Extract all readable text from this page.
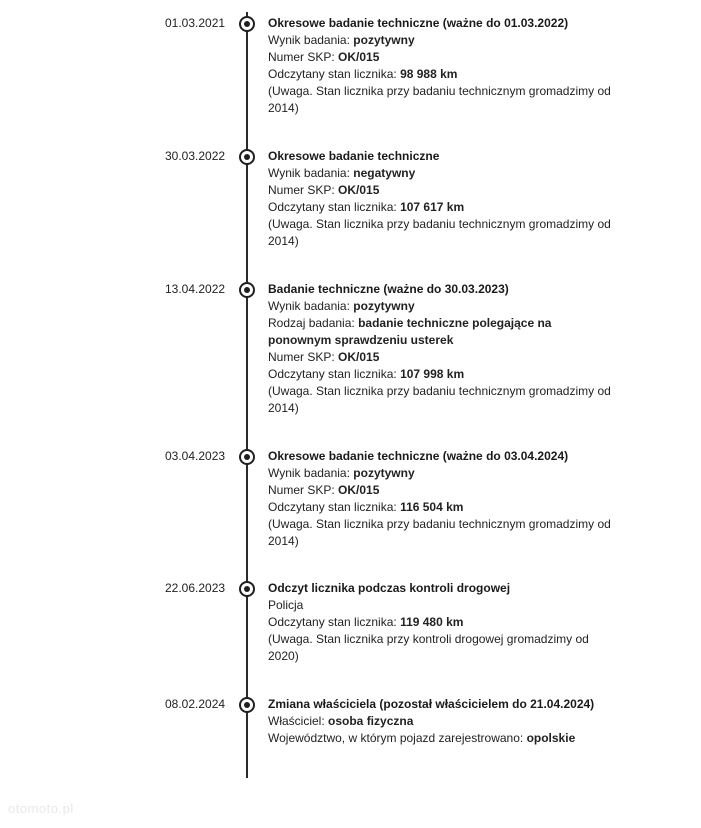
01.03.2021	Okresowe badanie techniczne (ważne do 01.03.2022)
Wynik badania: pozytywny
Numer SKP: OK/015
Odczytany stan licznika: 98 988 km
(Uwaga. Stan licznika przy badaniu technicznym gromadzimy od 2014)
30.03.2022	Okresowe badanie techniczne
Wynik badania: negatywny
Numer SKP: OK/015
Odczytany stan licznika: 107 617 km
(Uwaga. Stan licznika przy badaniu technicznym gromadzimy od 2014)
13.04.2022	Badanie techniczne (ważne do 30.03.2023)
Wynik badania: pozytywny
Rodzaj badania: badanie techniczne polegające na ponownym sprawdzeniu usterek
Numer SKP: OK/015
Odczytany stan licznika: 107 998 km
(Uwaga. Stan licznika przy badaniu technicznym gromadzimy od 2014)
03.04.2023	Okresowe badanie techniczne (ważne do 03.04.2024)
Wynik badania: pozytywny
Numer SKP: OK/015
Odczytany stan licznika: 116 504 km
(Uwaga. Stan licznika przy badaniu technicznym gromadzimy od 2014)
22.06.2023	Odczyt licznika podczas kontroli drogowej
Policja
Odczytany stan licznika: 119 480 km
(Uwaga. Stan licznika przy kontroli drogowej gromadzimy od 2020)
08.02.2024	Zmiana właściciela (pozostał właścicielem do 21.04.2024)
Właściciel: osoba fizyczna
Województwo, w którym pojazd zarejestrowano: opolskie
otomoto.pl
